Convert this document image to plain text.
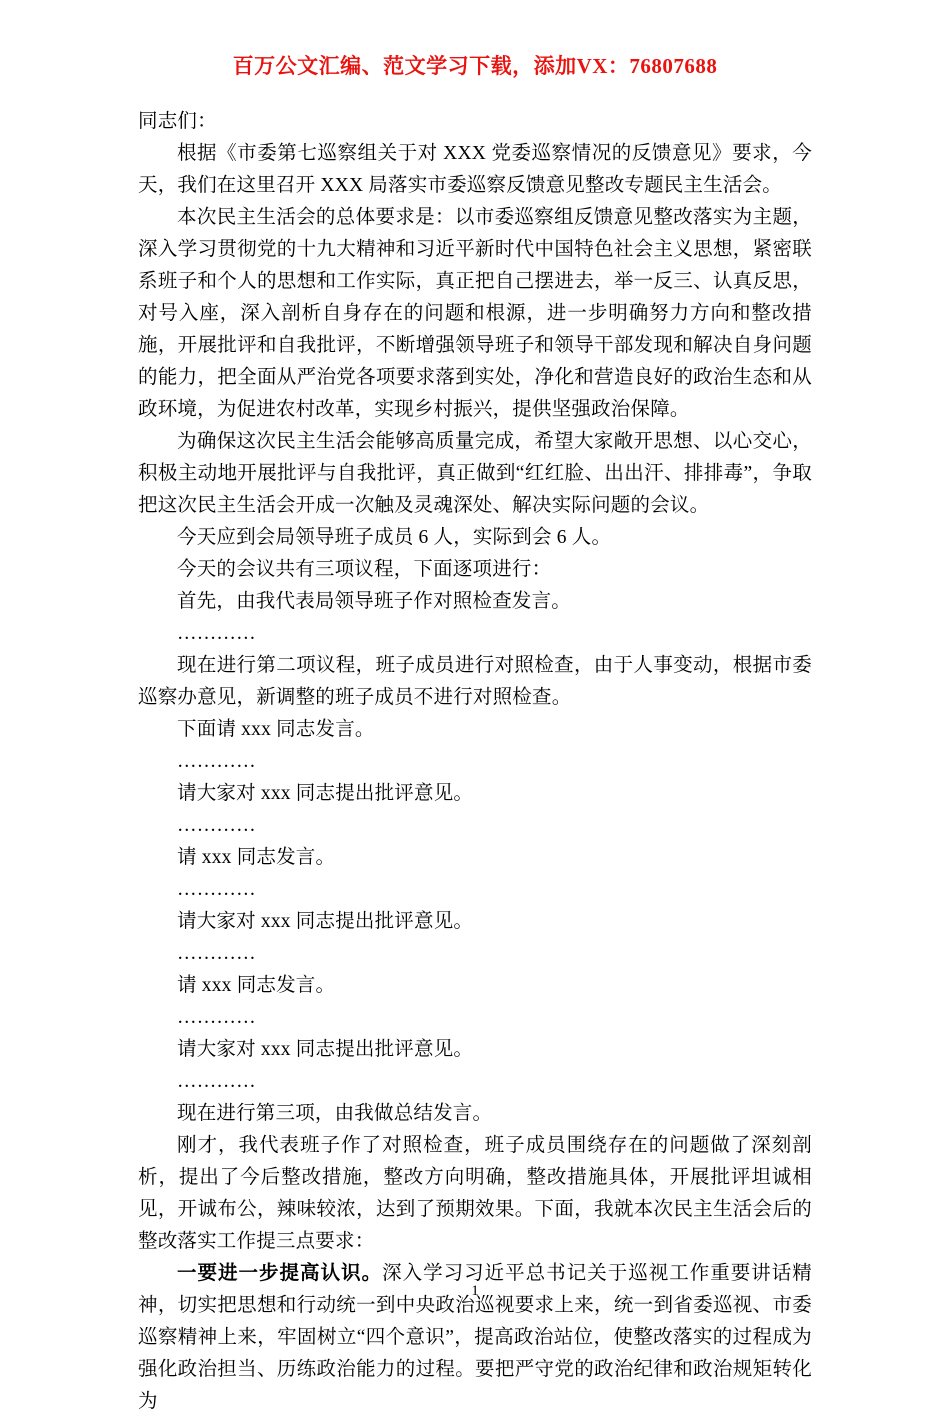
百万公文汇编、范文学习下载，添加VX：76807688

同志们：

根据《市委第七巡察组关于对 XXX 党委巡察情况的反馈意见》要求，今天，我们在这里召开 XXX 局落实市委巡察反馈意见整改专题民主生活会。

本次民主生活会的总体要求是：以市委巡察组反馈意见整改落实为主题，深入学习贯彻党的十九大精神和习近平新时代中国特色社会主义思想，紧密联系班子和个人的思想和工作实际，真正把自己摆进去，举一反三、认真反思，对号入座，深入剖析自身存在的问题和根源，进一步明确努力方向和整改措施，开展批评和自我批评，不断增强领导班子和领导干部发现和解决自身问题的能力，把全面从严治党各项要求落到实处，净化和营造良好的政治生态和从政环境，为促进农村改革，实现乡村振兴，提供坚强政治保障。

为确保这次民主生活会能够高质量完成，希望大家敞开思想、以心交心，积极主动地开展批评与自我批评，真正做到“红红脸、出出汗、排排毒”，争取把这次民主生活会开成一次触及灵魂深处、解决实际问题的会议。

今天应到会局领导班子成员 6 人，实际到会 6 人。

今天的会议共有三项议程，下面逐项进行：

首先，由我代表局领导班子作对照检查发言。

…………

现在进行第二项议程，班子成员进行对照检查，由于人事变动，根据市委巡察办意见，新调整的班子成员不进行对照检查。

下面请 xxx 同志发言。

…………

请大家对 xxx 同志提出批评意见。

…………

请 xxx 同志发言。

…………

请大家对 xxx 同志提出批评意见。

…………

请 xxx 同志发言。

…………

请大家对 xxx 同志提出批评意见。

…………

现在进行第三项，由我做总结发言。

刚才，我代表班子作了对照检查，班子成员围绕存在的问题做了深刻剖析，提出了今后整改措施，整改方向明确，整改措施具体，开展批评坦诚相见，开诚布公，辣味较浓，达到了预期效果。下面，我就本次民主生活会后的整改落实工作提三点要求：

一要进一步提高认识。深入学习习近平总书记关于巡视工作重要讲话精神，切实把思想和行动统一到中央政治巡视要求上来，统一到省委巡视、市委巡察精神上来，牢固树立“四个意识”，提高政治站位，使整改落实的过程成为强化政治担当、历练政治能力的过程。要把严守党的政治纪律和政治规矩转化为

1
